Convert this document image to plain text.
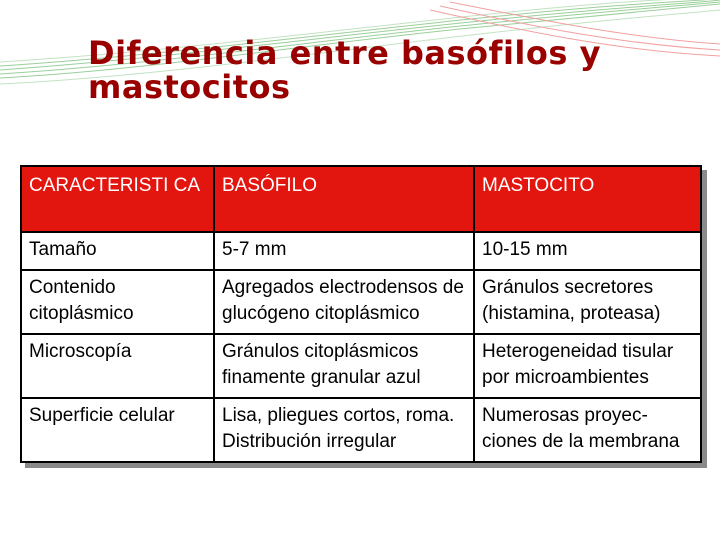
Diferencia entre basófilos y
mastocitos
CARACTERISTI CA	BASÓFILO	MASTOCITO
Tamaño	5-7 mm	10-15 mm
Contenido citoplásmico	Agregados electrodensos de glucógeno citoplásmico	Gránulos secretores (histamina, proteasa)
Microscopía	Gránulos citoplásmicos finamente granular azul	Heterogeneidad tisular por microambientes
Superficie celular	Lisa, pliegues cortos, roma. Distribución irregular	Numerosas proyec-ciones de la membrana
